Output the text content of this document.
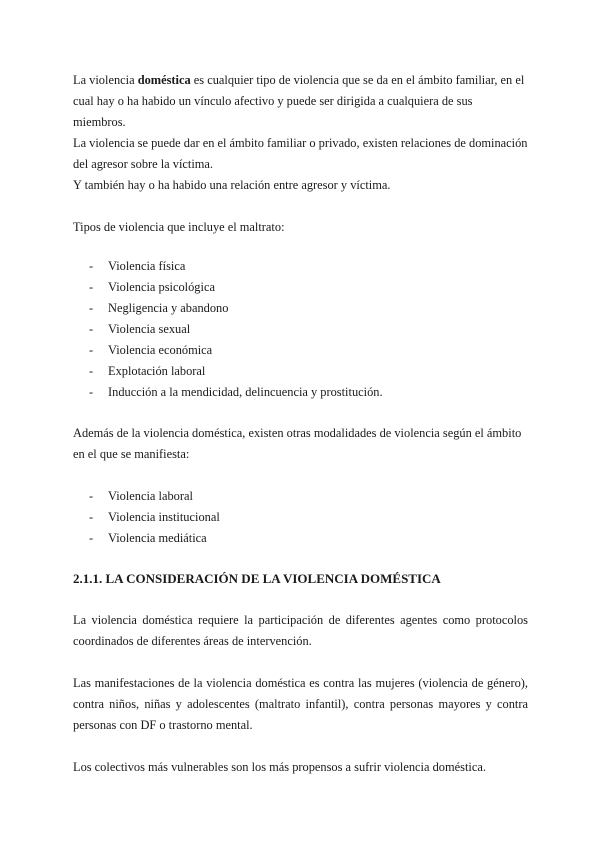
La violencia doméstica es cualquier tipo de violencia que se da en el ámbito familiar, en el cual hay o ha habido un vínculo afectivo y puede ser dirigida a cualquiera de sus miembros.

La violencia se puede dar en el ámbito familiar o privado, existen relaciones de dominación del agresor sobre la víctima.
Y también hay o ha habido una relación entre agresor y víctima.

Tipos de violencia que incluye el maltrato:

- Violencia física
- Violencia psicológica
- Negligencia y abandono
- Violencia sexual
- Violencia económica
- Explotación laboral
- Inducción a la mendicidad, delincuencia y prostitución.

Además de la violencia doméstica, existen otras modalidades de violencia según el ámbito en el que se manifiesta:

- Violencia laboral
- Violencia institucional
- Violencia mediática
2.1.1. LA CONSIDERACIÓN DE LA VIOLENCIA DOMÉSTICA

La violencia doméstica requiere la participación de diferentes agentes como protocolos coordinados de diferentes áreas de intervención.

Las manifestaciones de la violencia doméstica es contra las mujeres (violencia de género), contra niños, niñas y adolescentes (maltrato infantil), contra personas mayores y contra personas con DF o trastorno mental.

Los colectivos más vulnerables son los más propensos a sufrir violencia doméstica.
